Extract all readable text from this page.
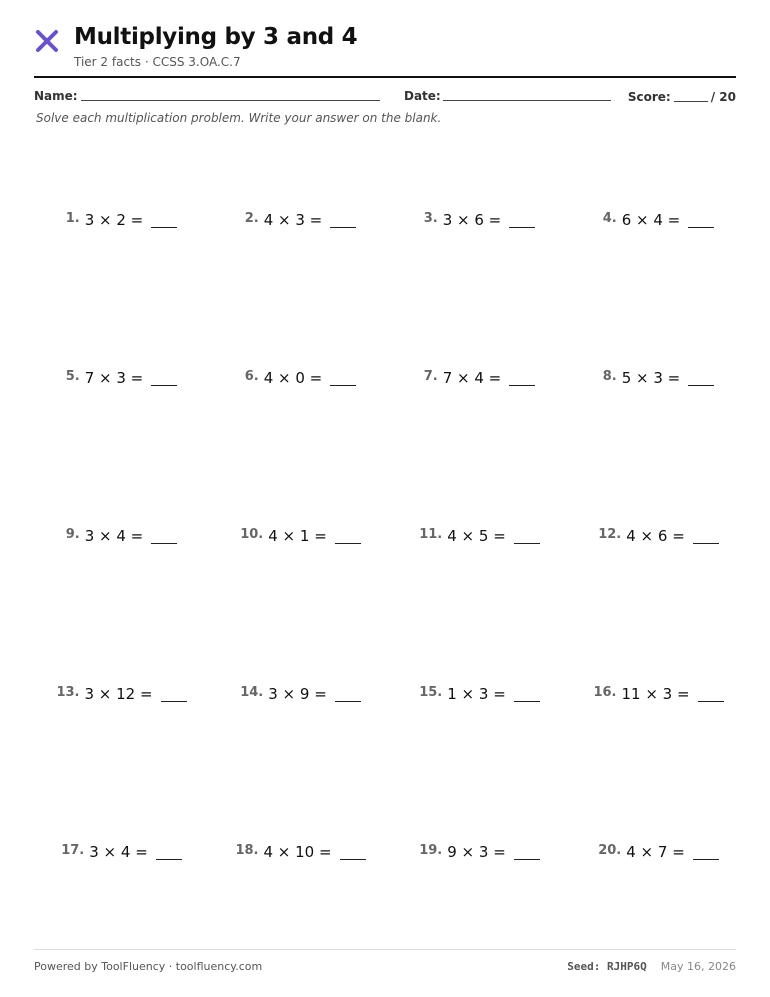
Multiplying by 3 and 4
Tier 2 facts · CCSS 3.OA.C.7
Name:	Date:	Score:	/ 20
Solve each multiplication problem. Write your answer on the blank.
1. 3 × 2 =	2. 4 × 3 =	3. 3 × 6 =	4. 6 × 4 =
5. 7 × 3 =	6. 4 × 0 =	7. 7 × 4 =	8. 5 × 3 =
9. 3 × 4 =	10. 4 × 1 =	11. 4 × 5 =	12. 4 × 6 =
13. 3 × 12 =	14. 3 × 9 =	15. 1 × 3 =	16. 11 × 3 =
17. 3 × 4 =	18. 4 × 10 =	19. 9 × 3 =	20. 4 × 7 =
Powered by ToolFluency · toolfluency.com	Seed: RJHP6Q May 16, 2026
